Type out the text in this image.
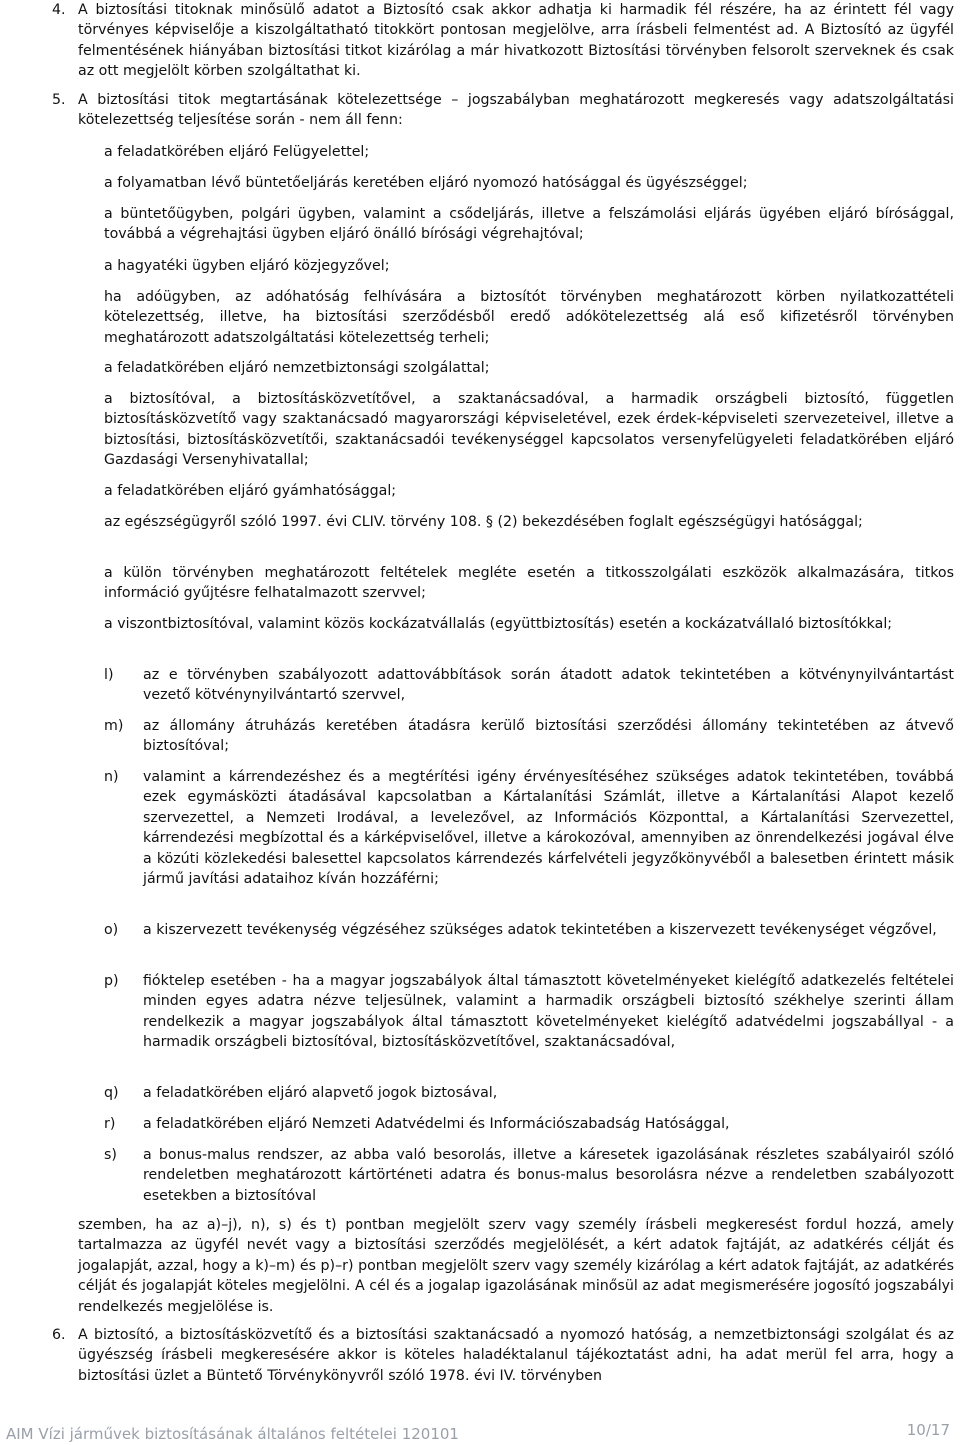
4. A biztosítási titoknak minősülő adatot a Biztosító csak akkor adhatja ki harmadik fél részére, ha az érintett fél vagy törvényes képviselője a kiszolgáltatható titokkört pontosan megjelölve, arra írásbeli felmentést ad. A Biztosító az ügyfél felmentésének hiányában biztosítási titkot kizárólag a már hivatkozott Biztosítási törvényben felsorolt szerveknek és csak az ott megjelölt körben szolgáltathat ki.
5. A biztosítási titok megtartásának kötelezettsége – jogszabályban meghatározott megkeresés vagy adatszolgáltatási kötelezettség teljesítése során - nem áll fenn:
a feladatkörében eljáró Felügyelettel;
a folyamatban lévő büntetőeljárás keretében eljáró nyomozó hatósággal és ügyészséggel;
a büntetőügyben, polgári ügyben, valamint a csődeljárás, illetve a felszámolási eljárás ügyében eljáró bírósággal, továbbá a végrehajtási ügyben eljáró önálló bírósági végrehajtóval;
a hagyatéki ügyben eljáró közjegyzővel;
ha adóügyben, az adóhatóság felhívására a biztosítót törvényben meghatározott körben nyilatkozattételi kötelezettség, illetve, ha biztosítási szerződésből eredő adókötelezettség alá eső kifizetésről törvényben meghatározott adatszolgáltatási kötelezettség terheli;
a feladatkörében eljáró nemzetbiztonsági szolgálattal;
a biztosítóval, a biztosításközvetítővel, a szaktanácsadóval, a harmadik országbeli biztosító, független biztosításközvetítő vagy szaktanácsadó magyarországi képviseletével, ezek érdek-képviseleti szervezeteivel, illetve a biztosítási, biztosításközvetítői, szaktanácsadói tevékenységgel kapcsolatos versenyfelügyeleti feladatkörében eljáró Gazdasági Versenyhivatallal;
a feladatkörében eljáró gyámhatósággal;
az egészségügyről szóló 1997. évi CLIV. törvény 108. § (2) bekezdésében foglalt egészségügyi hatósággal;
a külön törvényben meghatározott feltételek megléte esetén a titkosszolgálati eszközök alkalmazására, titkos információ gyűjtésre felhatalmazott szervvel;
a viszontbiztosítóval, valamint közös kockázatvállalás (együttbiztosítás) esetén a kockázatvállaló biztosítókkal;
l) az e törvényben szabályozott adattovábbítások során átadott adatok tekintetében a kötvénynyilvántartást vezető kötvénynyilvántartó szervvel,
m) az állomány átruházás keretében átadásra kerülő biztosítási szerződési állomány tekintetében az átvevő biztosítóval;
n) valamint a kárrendezéshez és a megtérítési igény érvényesítéséhez szükséges adatok tekintetében, továbbá ezek egymásközti átadásával kapcsolatban a Kártalanítási Számlát, illetve a Kártalanítási Alapot kezelő szervezettel, a Nemzeti Irodával, a levelezővel, az Információs Központtal, a Kártalanítási Szervezettel, kárrendezési megbízottal és a kárképviselővel, illetve a károkozóval, amennyiben az önrendelkezési jogával élve a közúti közlekedési balesettel kapcsolatos kárrendezés kárfelvételi jegyzőkönyvéből a balesetben érintett másik jármű javítási adataihoz kíván hozzáférni;
o) a kiszervezett tevékenység végzéséhez szükséges adatok tekintetében a kiszervezett tevékenységet végzővel,
p) fióktelep esetében - ha a magyar jogszabályok által támasztott követelményeket kielégítő adatkezelés feltételei minden egyes adatra nézve teljesülnek, valamint a harmadik országbeli biztosító székhelye szerinti állam rendelkezik a magyar jogszabályok által támasztott követelményeket kielégítő adatvédelmi jogszabállyal - a harmadik országbeli biztosítóval, biztosításközvetítővel, szaktanácsadóval,
q) a feladatkörében eljáró alapvető jogok biztosával,
r) a feladatkörében eljáró Nemzeti Adatvédelmi és Információszabadság Hatósággal,
s) a bonus-malus rendszer, az abba való besorolás, illetve a káresetek igazolásának részletes szabályairól szóló rendeletben meghatározott kártörténeti adatra és bonus-malus besorolásra nézve a rendeletben szabályozott esetekben a biztosítóval
szemben, ha az a)–j), n), s) és t) pontban megjelölt szerv vagy személy írásbeli megkeresést fordul hozzá, amely tartalmazza az ügyfél nevét vagy a biztosítási szerződés megjelölését, a kért adatok fajtáját, az adatkérés célját és jogalapját, azzal, hogy a k)–m) és p)–r) pontban megjelölt szerv vagy személy kizárólag a kért adatok fajtáját, az adatkérés célját és jogalapját köteles megjelölni. A cél és a jogalap igazolásának minősül az adat megismerésére jogosító jogszabályi rendelkezés megjelölése is.
6. A biztosító, a biztosításközvetítő és a biztosítási szaktanácsadó a nyomozó hatóság, a nemzetbiztonsági szolgálat és az ügyészség írásbeli megkeresésére akkor is köteles haladéktalanul tájékoztatást adni, ha adat merül fel arra, hogy a biztosítási üzlet a Büntető Törvénykönyvről szóló 1978. évi IV. törvényben
AIM Vízi járművek biztosításának általános feltételei 120101	10/17
